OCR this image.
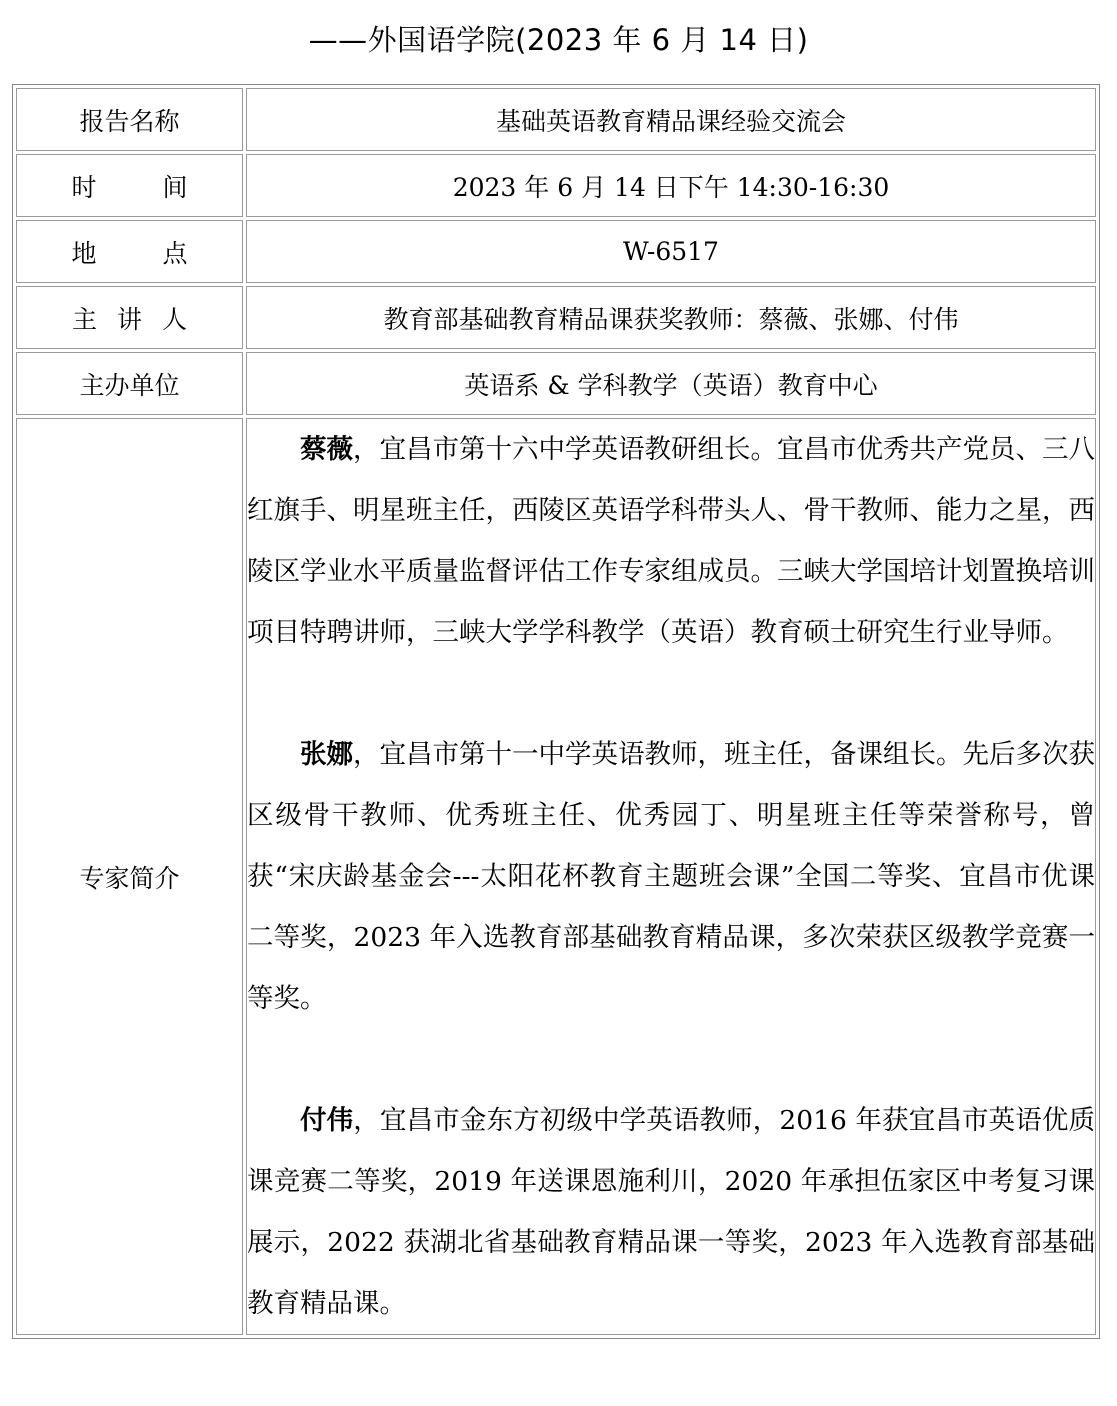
——外国语学院(2023 年 6 月 14 日)
报告名称	基础英语教育精品课经验交流会
时间	2023 年 6 月 14 日下午 14:30-16:30
地点	W-6517
主讲人	教育部基础教育精品课获奖教师：蔡薇、张娜、付伟
主办单位	英语系 & 学科教学（英语）教育中心
专家简介	蔡薇，宜昌市第十六中学英语教研组长。宜昌市优秀共产党员、三八红旗手、明星班主任，西陵区英语学科带头人、骨干教师、能力之星，西陵区学业水平质量监督评估工作专家组成员。三峡大学国培计划置换培训项目特聘讲师，三峡大学学科教学（英语）教育硕士研究生行业导师。

张娜，宜昌市第十一中学英语教师，班主任，备课组长。先后多次获区级骨干教师、优秀班主任、优秀园丁、明星班主任等荣誉称号，曾获“宋庆龄基金会---太阳花杯教育主题班会课”全国二等奖、宜昌市优课二等奖，2023 年入选教育部基础教育精品课，多次荣获区级教学竞赛一等奖。

付伟，宜昌市金东方初级中学英语教师，2016 年获宜昌市英语优质课竞赛二等奖，2019 年送课恩施利川，2020 年承担伍家区中考复习课展示，2022 获湖北省基础教育精品课一等奖，2023 年入选教育部基础教育精品课。
